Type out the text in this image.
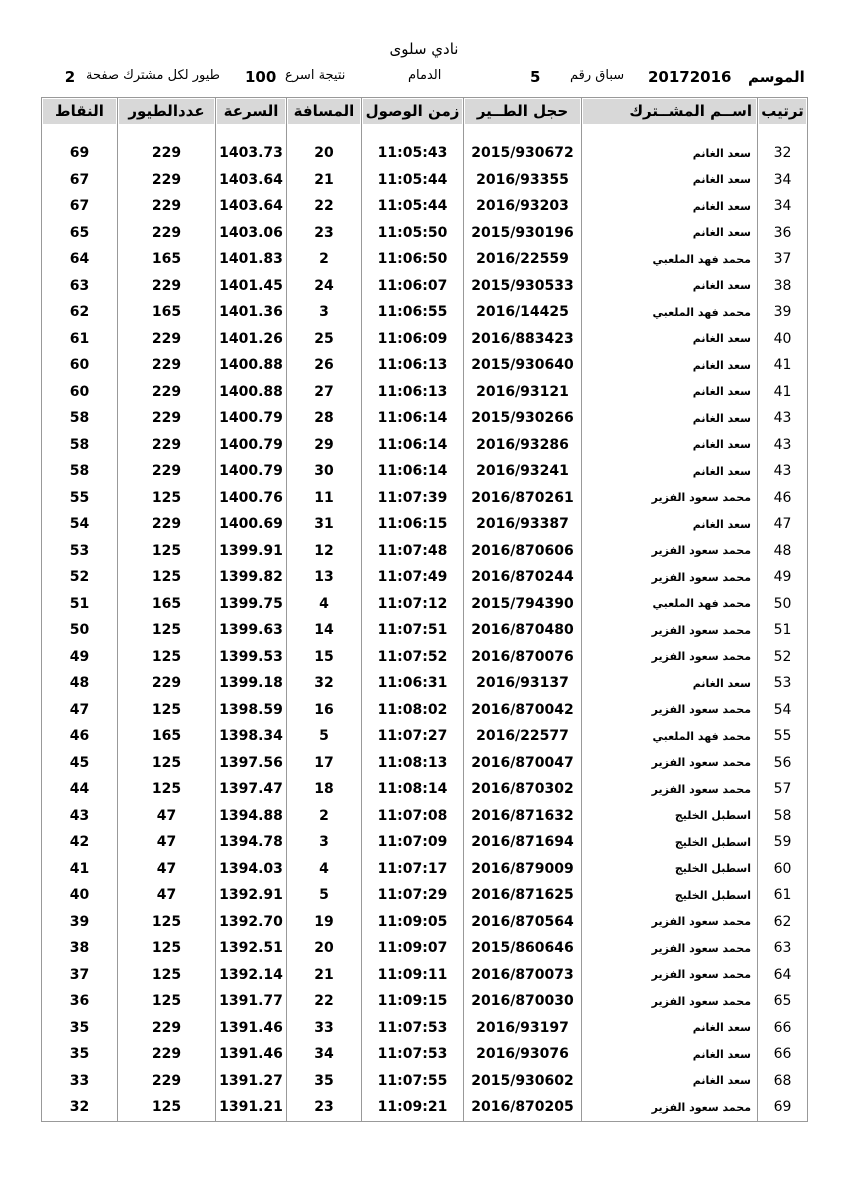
نادي سلوى
2 طيور لكل مشترك صفحة 100 نتيجة اسرع	الدمام	5 سباق رقم 20172016 الموسم
ترتيب	اســم المشــترك	حجل الطــير	زمن الوصول	المسافة	السرعة	عددالطيور	النقاط

32	سعد الغانم	2015/930672	11:05:43	20	1403.73	229	69
34	سعد الغانم	2016/93355	11:05:44	21	1403.64	229	67
34	سعد الغانم	2016/93203	11:05:44	22	1403.64	229	67
36	سعد الغانم	2015/930196	11:05:50	23	1403.06	229	65
37	محمد فهد الملعبي	2016/22559	11:06:50	2	1401.83	165	64
38	سعد الغانم	2015/930533	11:06:07	24	1401.45	229	63
39	محمد فهد الملعبي	2016/14425	11:06:55	3	1401.36	165	62
40	سعد الغانم	2016/883423	11:06:09	25	1401.26	229	61
41	سعد الغانم	2015/930640	11:06:13	26	1400.88	229	60
41	سعد الغانم	2016/93121	11:06:13	27	1400.88	229	60
43	سعد الغانم	2015/930266	11:06:14	28	1400.79	229	58
43	سعد الغانم	2016/93286	11:06:14	29	1400.79	229	58
43	سعد الغانم	2016/93241	11:06:14	30	1400.79	229	58
46	محمد سعود الفزير	2016/870261	11:07:39	11	1400.76	125	55
47	سعد الغانم	2016/93387	11:06:15	31	1400.69	229	54
48	محمد سعود الفزير	2016/870606	11:07:48	12	1399.91	125	53
49	محمد سعود الفزير	2016/870244	11:07:49	13	1399.82	125	52
50	محمد فهد الملعبي	2015/794390	11:07:12	4	1399.75	165	51
51	محمد سعود الفزير	2016/870480	11:07:51	14	1399.63	125	50
52	محمد سعود الفزير	2016/870076	11:07:52	15	1399.53	125	49
53	سعد الغانم	2016/93137	11:06:31	32	1399.18	229	48
54	محمد سعود الفزير	2016/870042	11:08:02	16	1398.59	125	47
55	محمد فهد الملعبي	2016/22577	11:07:27	5	1398.34	165	46
56	محمد سعود الفزير	2016/870047	11:08:13	17	1397.56	125	45
57	محمد سعود الفزير	2016/870302	11:08:14	18	1397.47	125	44
58	اسطبل الخليج	2016/871632	11:07:08	2	1394.88	47	43
59	اسطبل الخليج	2016/871694	11:07:09	3	1394.78	47	42
60	اسطبل الخليج	2016/879009	11:07:17	4	1394.03	47	41
61	اسطبل الخليج	2016/871625	11:07:29	5	1392.91	47	40
62	محمد سعود الفزير	2016/870564	11:09:05	19	1392.70	125	39
63	محمد سعود الفزير	2015/860646	11:09:07	20	1392.51	125	38
64	محمد سعود الفزير	2016/870073	11:09:11	21	1392.14	125	37
65	محمد سعود الفزير	2016/870030	11:09:15	22	1391.77	125	36
66	سعد الغانم	2016/93197	11:07:53	33	1391.46	229	35
66	سعد الغانم	2016/93076	11:07:53	34	1391.46	229	35
68	سعد الغانم	2015/930602	11:07:55	35	1391.27	229	33
69	محمد سعود الفزير	2016/870205	11:09:21	23	1391.21	125	32
